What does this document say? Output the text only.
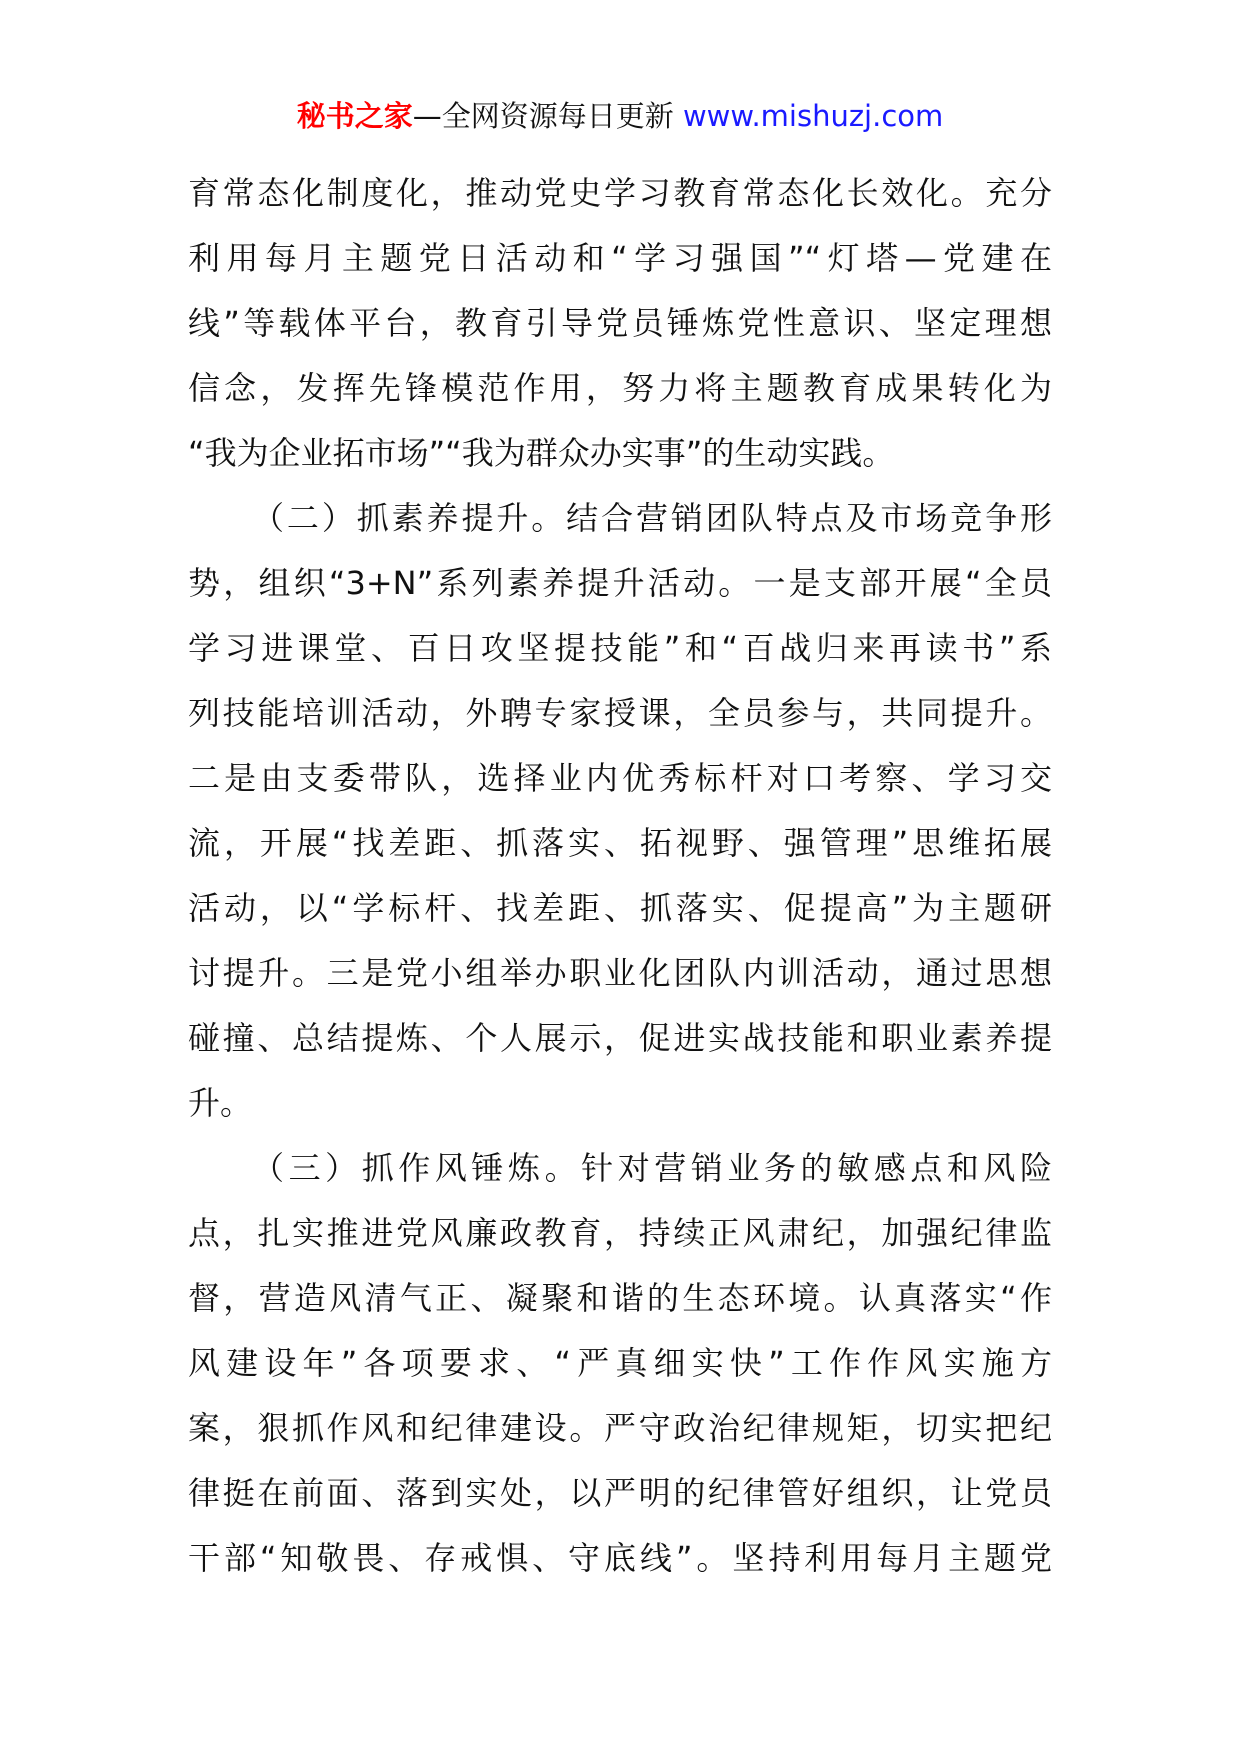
秘书之家—全网资源每日更新 www.mishuzj.com
育常态化制度化，推动党史学习教育常态化长效化。充分
利用每月主题党日活动和“学习强国”“灯塔—党建在
线”等载体平台，教育引导党员锤炼党性意识、坚定理想
信念，发挥先锋模范作用，努力将主题教育成果转化为
“我为企业拓市场”“我为群众办实事”的生动实践。
（二）抓素养提升。结合营销团队特点及市场竞争形
势，组织“3+N”系列素养提升活动。一是支部开展“全员
学习进课堂、百日攻坚提技能”和“百战归来再读书”系
列技能培训活动，外聘专家授课，全员参与，共同提升。
二是由支委带队，选择业内优秀标杆对口考察、学习交
流，开展“找差距、抓落实、拓视野、强管理”思维拓展
活动，以“学标杆、找差距、抓落实、促提高”为主题研
讨提升。三是党小组举办职业化团队内训活动，通过思想
碰撞、总结提炼、个人展示，促进实战技能和职业素养提
升。
（三）抓作风锤炼。针对营销业务的敏感点和风险
点，扎实推进党风廉政教育，持续正风肃纪，加强纪律监
督，营造风清气正、凝聚和谐的生态环境。认真落实“作
风建设年”各项要求、“严真细实快”工作作风实施方
案，狠抓作风和纪律建设。严守政治纪律规矩，切实把纪
律挺在前面、落到实处，以严明的纪律管好组织，让党员
干部“知敬畏、存戒惧、守底线”。坚持利用每月主题党
